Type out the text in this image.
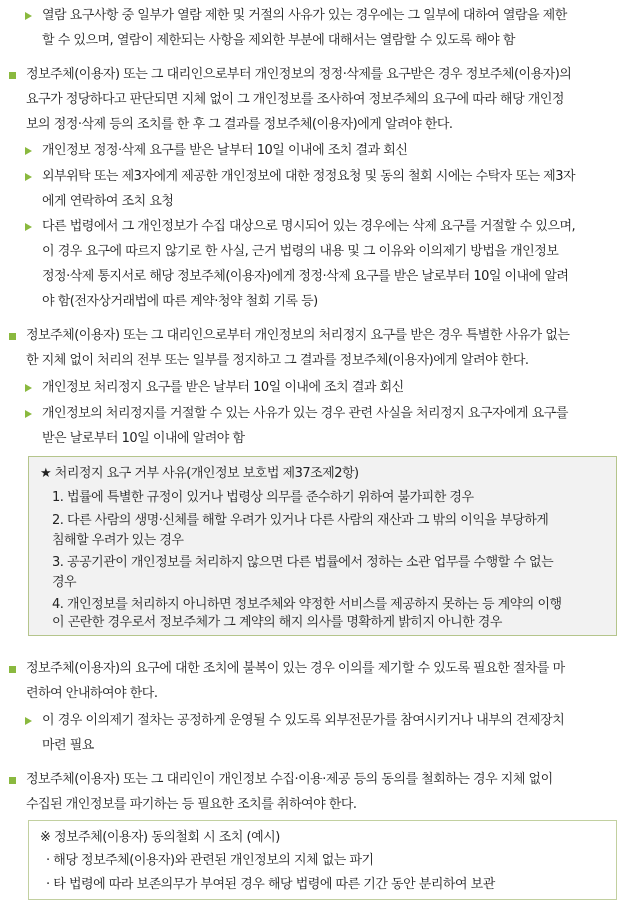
열람 요구사항 중 일부가 열람 제한 및 거절의 사유가 있는 경우에는 그 일부에 대하여 열람을 제한
할 수 있으며, 열람이 제한되는 사항을 제외한 부분에 대해서는 열람할 수 있도록 해야 함
정보주체(이용자) 또는 그 대리인으로부터 개인정보의 정정·삭제를 요구받은 경우 정보주체(이용자)의
요구가 정당하다고 판단되면 지체 없이 그 개인정보를 조사하여 정보주체의 요구에 따라 해당 개인정
보의 정정·삭제 등의 조치를 한 후 그 결과를 정보주체(이용자)에게 알려야 한다.
개인정보 정정·삭제 요구를 받은 날부터 10일 이내에 조치 결과 회신
외부위탁 또는 제3자에게 제공한 개인정보에 대한 정정요청 및 동의 철회 시에는 수탁자 또는 제3자
에게 연락하여 조치 요청
다른 법령에서 그 개인정보가 수집 대상으로 명시되어 있는 경우에는 삭제 요구를 거절할 수 있으며,
이 경우 요구에 따르지 않기로 한 사실, 근거 법령의 내용 및 그 이유와 이의제기 방법을 개인정보
정정·삭제 통지서로 해당 정보주체(이용자)에게 정정·삭제 요구를 받은 날로부터 10일 이내에 알려
야 함(전자상거래법에 따른 계약·청약 철회 기록 등)
정보주체(이용자) 또는 그 대리인으로부터 개인정보의 처리정지 요구를 받은 경우 특별한 사유가 없는
한 지체 없이 처리의 전부 또는 일부를 정지하고 그 결과를 정보주체(이용자)에게 알려야 한다.
개인정보 처리정지 요구를 받은 날부터 10일 이내에 조치 결과 회신
개인정보의 처리정지를 거절할 수 있는 사유가 있는 경우 관련 사실을 처리정지 요구자에게 요구를
받은 날로부터 10일 이내에 알려야 함
★ 처리정지 요구 거부 사유(개인정보 보호법 제37조제2항)
1. 법률에 특별한 규정이 있거나 법령상 의무를 준수하기 위하여 불가피한 경우
2. 다른 사람의 생명·신체를 해할 우려가 있거나 다른 사람의 재산과 그 밖의 이익을 부당하게
침해할 우려가 있는 경우
3. 공공기관이 개인정보를 처리하지 않으면 다른 법률에서 정하는 소관 업무를 수행할 수 없는
경우
4. 개인정보를 처리하지 아니하면 정보주체와 약정한 서비스를 제공하지 못하는 등 계약의 이행
이 곤란한 경우로서 정보주체가 그 계약의 해지 의사를 명확하게 밝히지 아니한 경우
정보주체(이용자)의 요구에 대한 조치에 불복이 있는 경우 이의를 제기할 수 있도록 필요한 절차를 마
련하여 안내하여야 한다.
이 경우 이의제기 절차는 공정하게 운영될 수 있도록 외부전문가를 참여시키거나 내부의 견제장치
마련 필요
정보주체(이용자) 또는 그 대리인이 개인정보 수집·이용·제공 등의 동의를 철회하는 경우 지체 없이
수집된 개인정보를 파기하는 등 필요한 조치를 취하여야 한다.
※ 정보주체(이용자) 동의철회 시 조치 (예시)
· 해당 정보주체(이용자)와 관련된 개인정보의 지체 없는 파기
· 타 법령에 따라 보존의무가 부여된 경우 해당 법령에 따른 기간 동안 분리하여 보관
